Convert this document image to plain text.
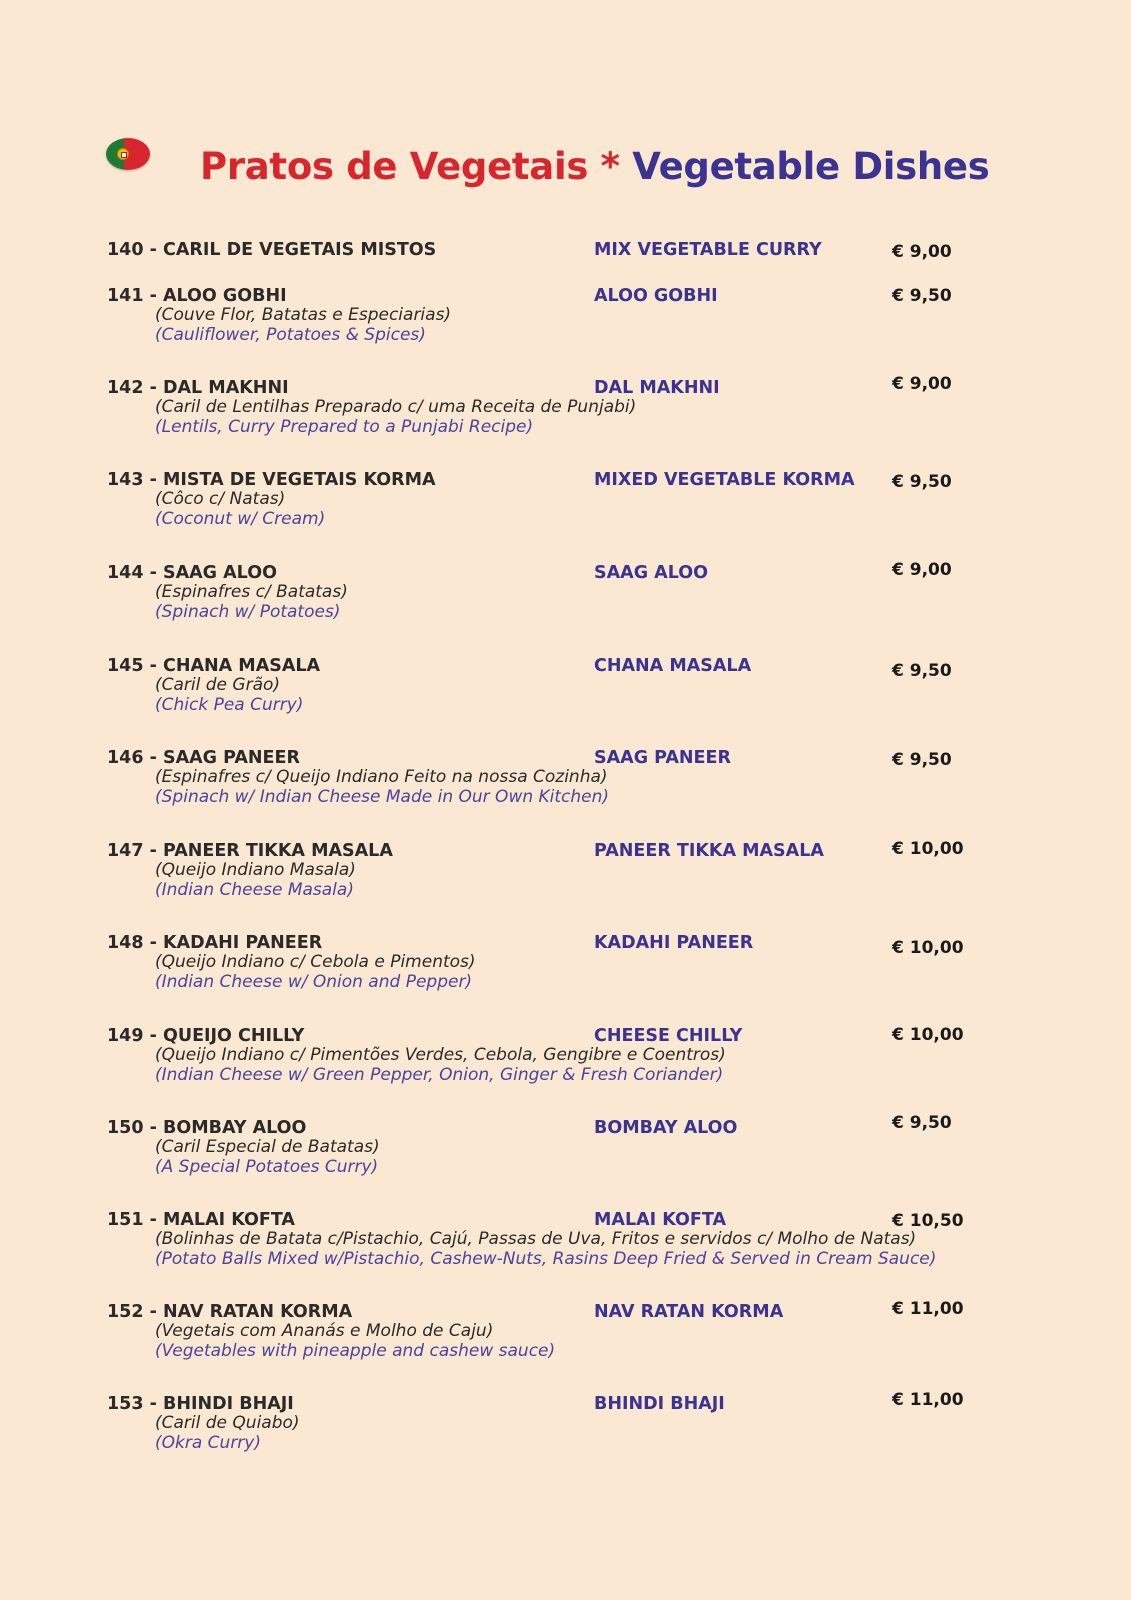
Pratos de Vegetais * Vegetable Dishes
140 - CARIL DE VEGETAIS MISTOS	MIX VEGETABLE CURRY	€ 9,00
141 - ALOO GOBHI	ALOO GOBHI	€ 9,50
(Couve Flor, Batatas e Especiarias)
(Cauliflower, Potatoes & Spices)
142 - DAL MAKHNI	DAL MAKHNI	€ 9,00
(Caril de Lentilhas Preparado c/ uma Receita de Punjabi)
(Lentils, Curry Prepared to a Punjabi Recipe)
143 - MISTA DE VEGETAIS KORMA	MIXED VEGETABLE KORMA € 9,50
(Côco c/ Natas)
(Coconut w/ Cream)
144 - SAAG ALOO	SAAG ALOO	€ 9,00
(Espinafres c/ Batatas)
(Spinach w/ Potatoes)
145 - CHANA MASALA	CHANA MASALA	€ 9,50
(Caril de Grão)
(Chick Pea Curry)
146 - SAAG PANEER	SAAG PANEER	€ 9,50
(Espinafres c/ Queijo Indiano Feito na nossa Cozinha)
(Spinach w/ Indian Cheese Made in Our Own Kitchen)
147 - PANEER TIKKA MASALA	PANEER TIKKA MASALA	€ 10,00
(Queijo Indiano Masala)
(Indian Cheese Masala)
148 - KADAHI PANEER	KADAHI PANEER	€ 10,00
(Queijo Indiano c/ Cebola e Pimentos)
(Indian Cheese w/ Onion and Pepper)
149 - QUEIJO CHILLY	CHEESE CHILLY	€ 10,00
(Queijo Indiano c/ Pimentões Verdes, Cebola, Gengibre e Coentros)
(Indian Cheese w/ Green Pepper, Onion, Ginger & Fresh Coriander)
150 - BOMBAY ALOO	BOMBAY ALOO	€ 9,50
(Caril Especial de Batatas)
(A Special Potatoes Curry)
151 - MALAI KOFTA	MALAI KOFTA	€ 10,50
(Bolinhas de Batata c/Pistachio, Cajú, Passas de Uva, Fritos e servidos c/ Molho de Natas)
(Potato Balls Mixed w/Pistachio, Cashew-Nuts, Rasins Deep Fried & Served in Cream Sauce)
152 - NAV RATAN KORMA	NAV RATAN KORMA	€ 11,00
(Vegetais com Ananás e Molho de Caju)
(Vegetables with pineapple and cashew sauce)
153 - BHINDI BHAJI	BHINDI BHAJI	€ 11,00
(Caril de Quiabo)
(Okra Curry)
